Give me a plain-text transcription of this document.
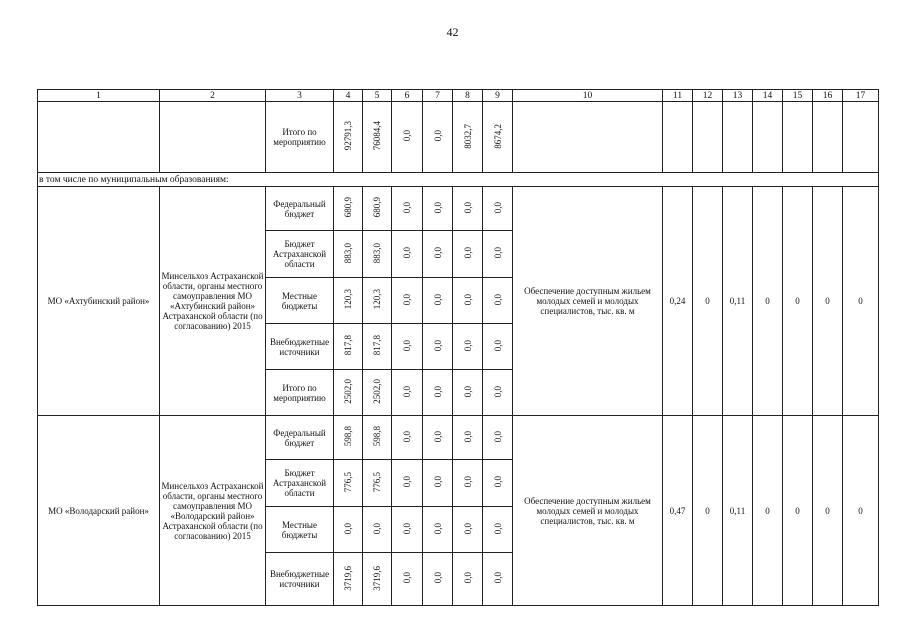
42
1	2	3	4	5	6	7	8	9	10	11	12	13	14	15	16	17
		Итого по мероприятию	92791,3	76084,4	0,0	0,0	8032,7	8674,2								
в том числе по муниципальным образованиям:																
МО «Ахтубинский район»	Минсельхоз Астраханской области, органы местного самоуправления МО «Ахтубинский район» Астраханской области (по согласованию) 2015	Федеральный бюджет	680,9	680,9	0,0	0,0	0,0	0,0	Обеспечение доступным жильем молодых семей и молодых специалистов, тыс. кв. м	0,24	0	0,11	0	0	0	0
		Бюджет Астраханской области	883,0	883,0	0,0	0,0	0,0	0,0								
		Местные бюджеты	120,3	120,3	0,0	0,0	0,0	0,0								
		Внебюджетные источники	817,8	817,8	0,0	0,0	0,0	0,0								
		Итого по мероприятию	2502,0	2502,0	0,0	0,0	0,0	0,0								
МО «Володарский район»	Минсельхоз Астраханской области, органы местного самоуправления МО «Володарский район» Астраханской области (по согласованию) 2015	Федеральный бюджет	598,8	598,8	0,0	0,0	0,0	0,0	Обеспечение доступным жильем молодых семей и молодых специалистов, тыс. кв. м	0,47	0	0,11	0	0	0	0
		Бюджет Астраханской области	776,5	776,5	0,0	0,0	0,0	0,0								
		Местные бюджеты	0,0	0,0	0,0	0,0	0,0	0,0								
		Внебюджетные источники	3719,6	3719,6	0,0	0,0	0,0	0,0								
